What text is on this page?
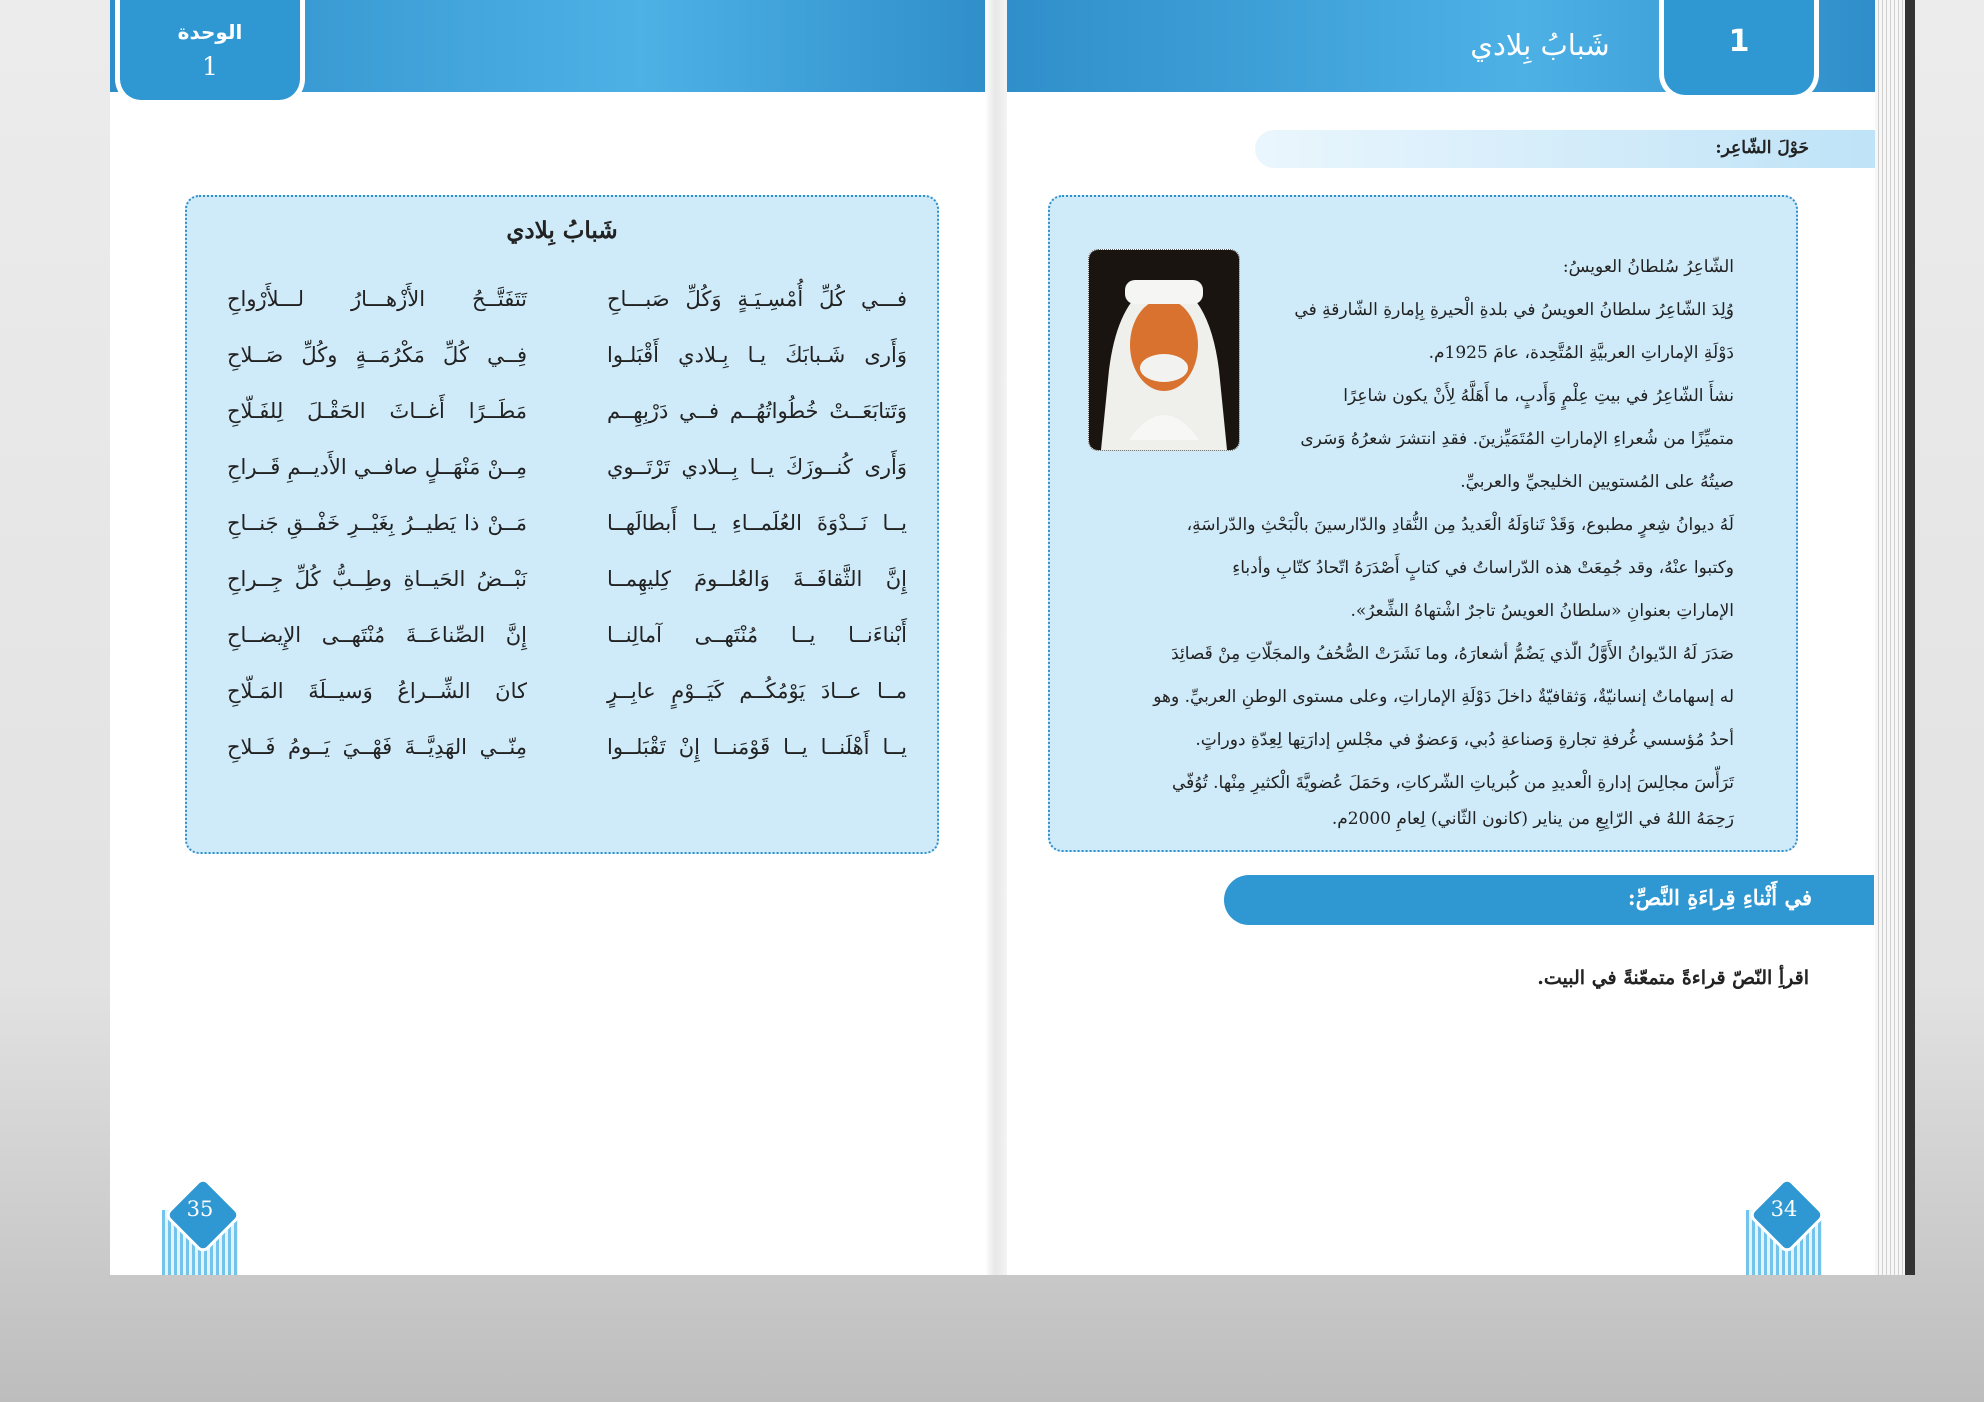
الوحدة
1
شَبابُ بِلادي
فـــي كُلِّ أُمْسِـيَـةٍ وَكُلِّ صَبـــاحِ
تَتَفَتَّــحُ الأَزْهـــارُ لـــلأَرْواحِ
وَأَرى شَـبابَكَ يـا بِـلادي أَقْبَلـوا
فِــي كُلِّ مَكْرُمَــةٍ وكُلِّ صَــلاحِ
وَتَتابَعَــتْ خُطُواتُهُــم فــي دَرْبِهِــم
مَطَــرًا أَغــاثَ الحَقْـلَ لِلفَـلّاحِ
وَأَرى كُنــوزَكَ يــا بِــلادي تَرْتَــوي
مِــنْ مَنْهَــلٍ صافــي الأَديــمِ قَــراحِ
يــا نَــدْوَةَ العُلَمــاءِ يــا أَبطالَهــا
مَــنْ ذا يَطيــرُ بِغَيْــرِ خَفْــقِ جَنــاحِ
إِنَّ الثَّقافَــةَ وَالعُلــومَ كِليهِمــا
نَبْــضُ الحَيــاةِ وطِــبُّ كُلِّ جِــراحِ
أَبْناءَنــا يــا مُنْتَهــى آمالِنــا
إِنَّ الصِّناعَــةَ مُنْتَهــى الإِيضــاحِ
مــا عــادَ يَوْمُكُــم كَيَــوْمٍ عابِــرٍ
كانَ الشِّــراعُ وَسيــلَةَ المَـلّاحِ
يــا أَهْلَنــا يــا قَوْمَنــا إِنْ تَقْبَلــوا
مِنّــي الهَدِيَّــةَ فَهْــيَ يَــومُ فَــلاحِ
35
شَبابُ بِلادي	1
حَوْلَ الشّاعِر:
الشّاعِرُ سُلطانُ العويسُ:
وُلِدَ الشّاعِرُ سلطانُ العويسُ في بلدةِ الْحيرةِ بِإمارةِ الشّارقةِ في
دَوْلَةِ الإماراتِ العربيَّةِ المُتَّحِدة، عامَ 1925م.
نشأَ الشّاعِرُ في بيتِ عِلْمٍ وَأَدبٍ، ما أَهَلَّهُ لِأَنْ يكون شاعِرًا
متميِّزًا من شُعراءِ الإماراتِ المُتَمَيِّزينَ. فقدِ انتشرَ شعرُهُ وَسَرى
صيتُهُ على المُستويين الخليجيِّ والعربيِّ.
لَهُ ديوانُ شِعرٍ مطبوع، وَقَدْ تَناوَلَهُ الْعَديدُ مِن النُّقادِ والدّارسينَ بالْبَحْثِ والدّراسَةِ،
وكتبوا عنْهُ، وقد جُمِعَتْ هذه الدّراساتُ في كتابٍ أَصْدَرَهُ اتّحادُ كتّابِ وأدباءِ
الإماراتِ بعنوانِ «سلطانُ العويسُ تاجرٌ اشْتهاهُ الشِّعرُ».
صَدَرَ لَهُ الدّيوانُ الأَوَّلُ الّذي يَضُمُّ أشعارَهُ، وما نَشَرَتْ الصُّحُفُ والمجَلّاتِ مِنْ قَصائِدَ
له إسهاماتٌ إنسانيّةٌ، وَثقافيّةٌ داخلَ دَوْلَةِ الإماراتِ، وعلى مستوى الوطنِ العربيِّ. وهو
أحدُ مُؤسسي غُرفةِ تجارةِ وَصناعةِ دُبي، وَعضوٌ في مجْلسِ إدارَتِها لِعِدّةِ دوراتٍ.
تَرَأّسَ مجالِسَ إدارةِ الْعديدِ من كُبرياتِ الشّركاتِ، وحَمَلَ عُضويَّةَ الْكثيرِ مِنْها. تُوُفّي
رَحِمَهُ اللهُ في الرّابِعِ من يناير (كانون الثّاني) لِعامِ 2000م.
في أَثْناءِ قِراءَةِ النَّصِّ:
اقرأِ النّصّ قراءةً متمعّنةً في البيت.
34
